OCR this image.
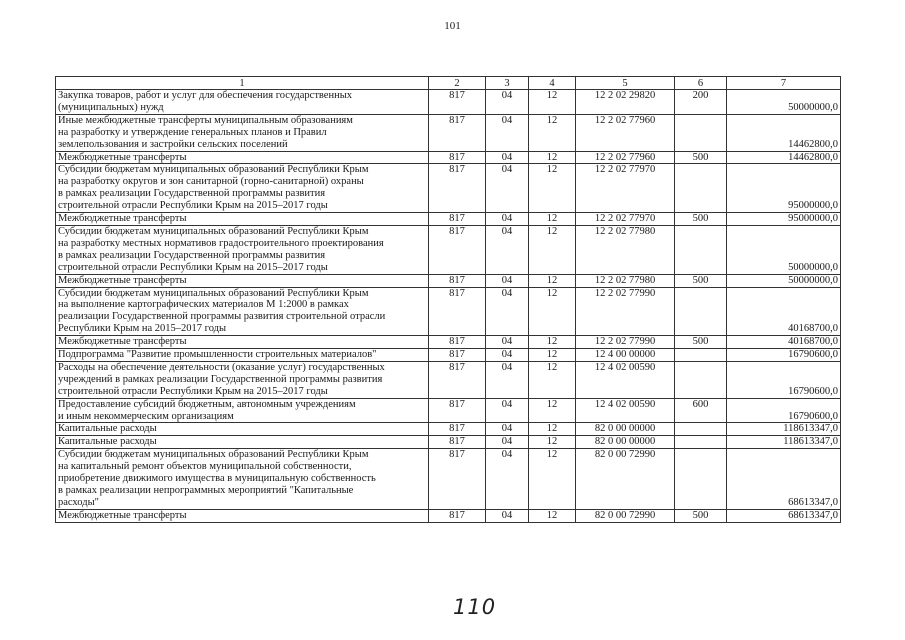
101
1	2	3	4	5	6	7
Закупка товаров, работ и услуг для обеспечения государственных
(муниципальных) нужд	817	04	12	12 2 02 29820	200	50000000,0
Иные межбюджетные трансферты муниципальным образованиям
на разработку и утверждение генеральных планов и Правил
землепользования и застройки сельских поселений	817	04	12	12 2 02 77960		14462800,0
Межбюджетные трансферты	817	04	12	12 2 02 77960	500	14462800,0
Субсидии бюджетам муниципальных образований Республики Крым
на разработку округов и зон санитарной (горно-санитарной) охраны
в рамках реализации Государственной программы развития
строительной отрасли Республики Крым на 2015–2017 годы	817	04	12	12 2 02 77970		95000000,0
Межбюджетные трансферты	817	04	12	12 2 02 77970	500	95000000,0
Субсидии бюджетам муниципальных образований Республики Крым
на разработку местных нормативов градостроительного проектирования
в рамках реализации Государственной программы развития
строительной отрасли Республики Крым на 2015–2017 годы	817	04	12	12 2 02 77980		50000000,0
Межбюджетные трансферты	817	04	12	12 2 02 77980	500	50000000,0
Субсидии бюджетам муниципальных образований Республики Крым
на выполнение картографических материалов М 1:2000 в рамках
реализации Государственной программы развития строительной отрасли
Республики Крым на 2015–2017 годы	817	04	12	12 2 02 77990		40168700,0
Межбюджетные трансферты	817	04	12	12 2 02 77990	500	40168700,0
Подпрограмма "Развитие промышленности строительных материалов"	817	04	12	12 4 00 00000		16790600,0
Расходы на обеспечение деятельности (оказание услуг) государственных
учреждений в рамках реализации Государственной программы развития
строительной отрасли Республики Крым на 2015–2017 годы	817	04	12	12 4 02 00590		16790600,0
Предоставление субсидий бюджетным, автономным учреждениям
и иным некоммерческим организациям	817	04	12	12 4 02 00590	600	16790600,0
Капитальные расходы	817	04	12	82 0 00 00000		118613347,0
Капитальные расходы	817	04	12	82 0 00 00000		118613347,0
Субсидии бюджетам муниципальных образований Республики Крым
на капитальный ремонт объектов муниципальной собственности,
приобретение движимого имущества в муниципальную собственность
в рамках реализации непрограммных мероприятий "Капитальные
расходы"	817	04	12	82 0 00 72990		68613347,0
Межбюджетные трансферты	817	04	12	82 0 00 72990	500	68613347,0
110
